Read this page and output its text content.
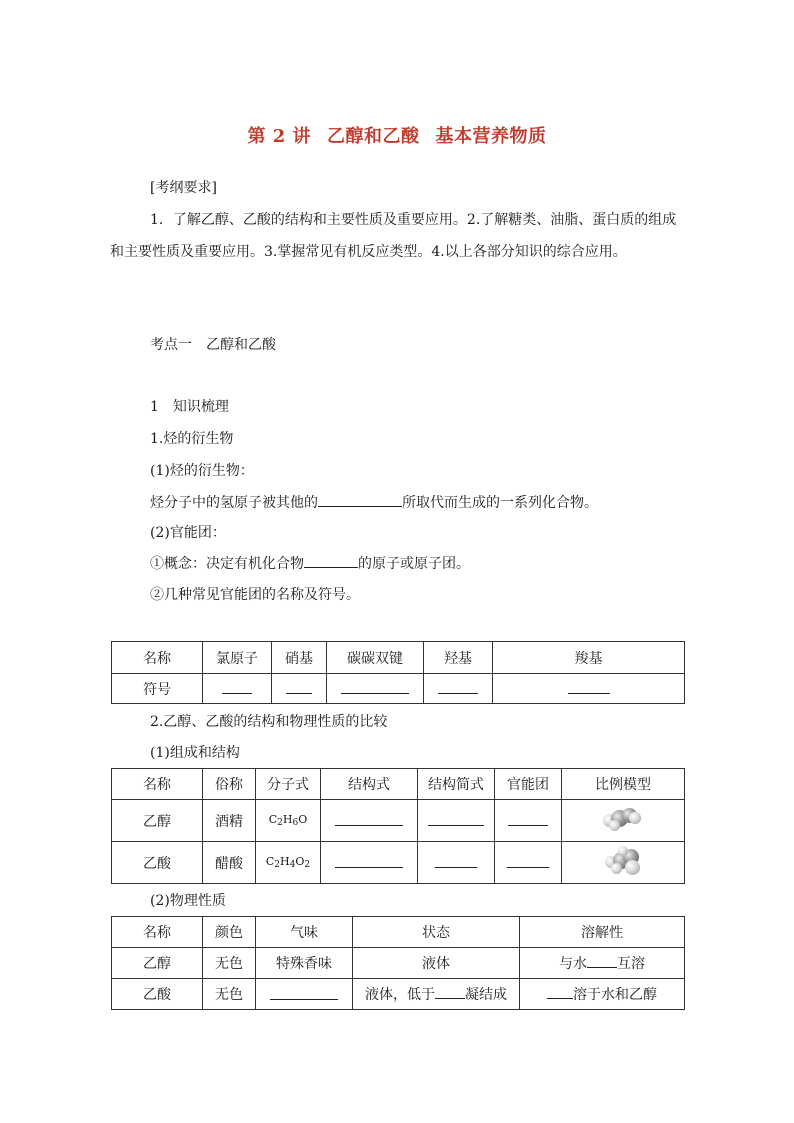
第 2 讲 乙醇和乙酸 基本营养物质
[考纲要求]
1．了解乙醇、乙酸的结构和主要性质及重要应用。2.了解糖类、油脂、蛋白质的组成
和主要性质及重要应用。3.掌握常见有机反应类型。4.以上各部分知识的综合应用。
考点一　乙醇和乙酸
1　知识梳理
1.烃的衍生物
(1)烃的衍生物：
烃分子中的氢原子被其他的	所取代而生成的一系列化合物。
(2)官能团：
①概念：决定有机化合物	的原子或原子团。
②几种常见官能团的名称及符号。
名称	氯原子	硝基	碳碳双键	羟基	羧基
符号					
2.乙醇、乙酸的结构和物理性质的比较
(1)组成和结构
名称	俗称	分子式	结构式	结构简式	官能团	比例模型
乙醇	酒精	$C_2H_6O$				

乙酸	醋酸	$C_2H_4O_2$				
(2)物理性质
名称	颜色	气味	状态	溶解性
乙醇	无色	特殊香味	液体	与水 互溶
乙酸	无色		液体，低于 凝结成	溶于水和乙醇
